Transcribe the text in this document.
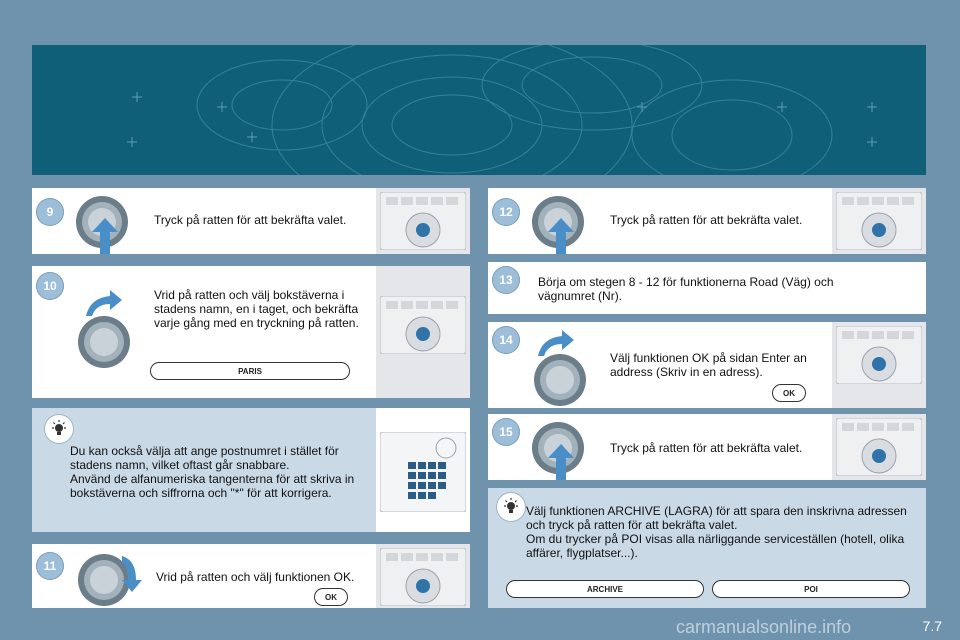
9
Tryck på ratten för att bekräfta valet.
10
Vrid på ratten och välj bokstäverna i stadens namn, en i taget, och bekräfta varje gång med en tryckning på ratten.
PARIS
Du kan också välja att ange postnumret i stället för stadens namn, vilket oftast går snabbare.
Använd de alfanumeriska tangenterna för att skriva in bokstäverna och siffrorna och "*" för att korrigera.
11
Vrid på ratten och välj funktionen OK.
OK
12
Tryck på ratten för att bekräfta valet.
13	Börja om stegen 8 - 12 för funktionerna Road (Väg) och vägnumret (Nr).
14
Välj funktionen OK på sidan Enter an address (Skriv in en adress).
OK
15
Tryck på ratten för att bekräfta valet.
Välj funktionen ARCHIVE (LAGRA) för att spara den inskrivna adressen och tryck på ratten för att bekräfta valet.
Om du trycker på POI visas alla närliggande serviceställen (hotell, olika affärer, flygplatser...).
ARCHIVE	POI
7.7
carmanualsonline.info
